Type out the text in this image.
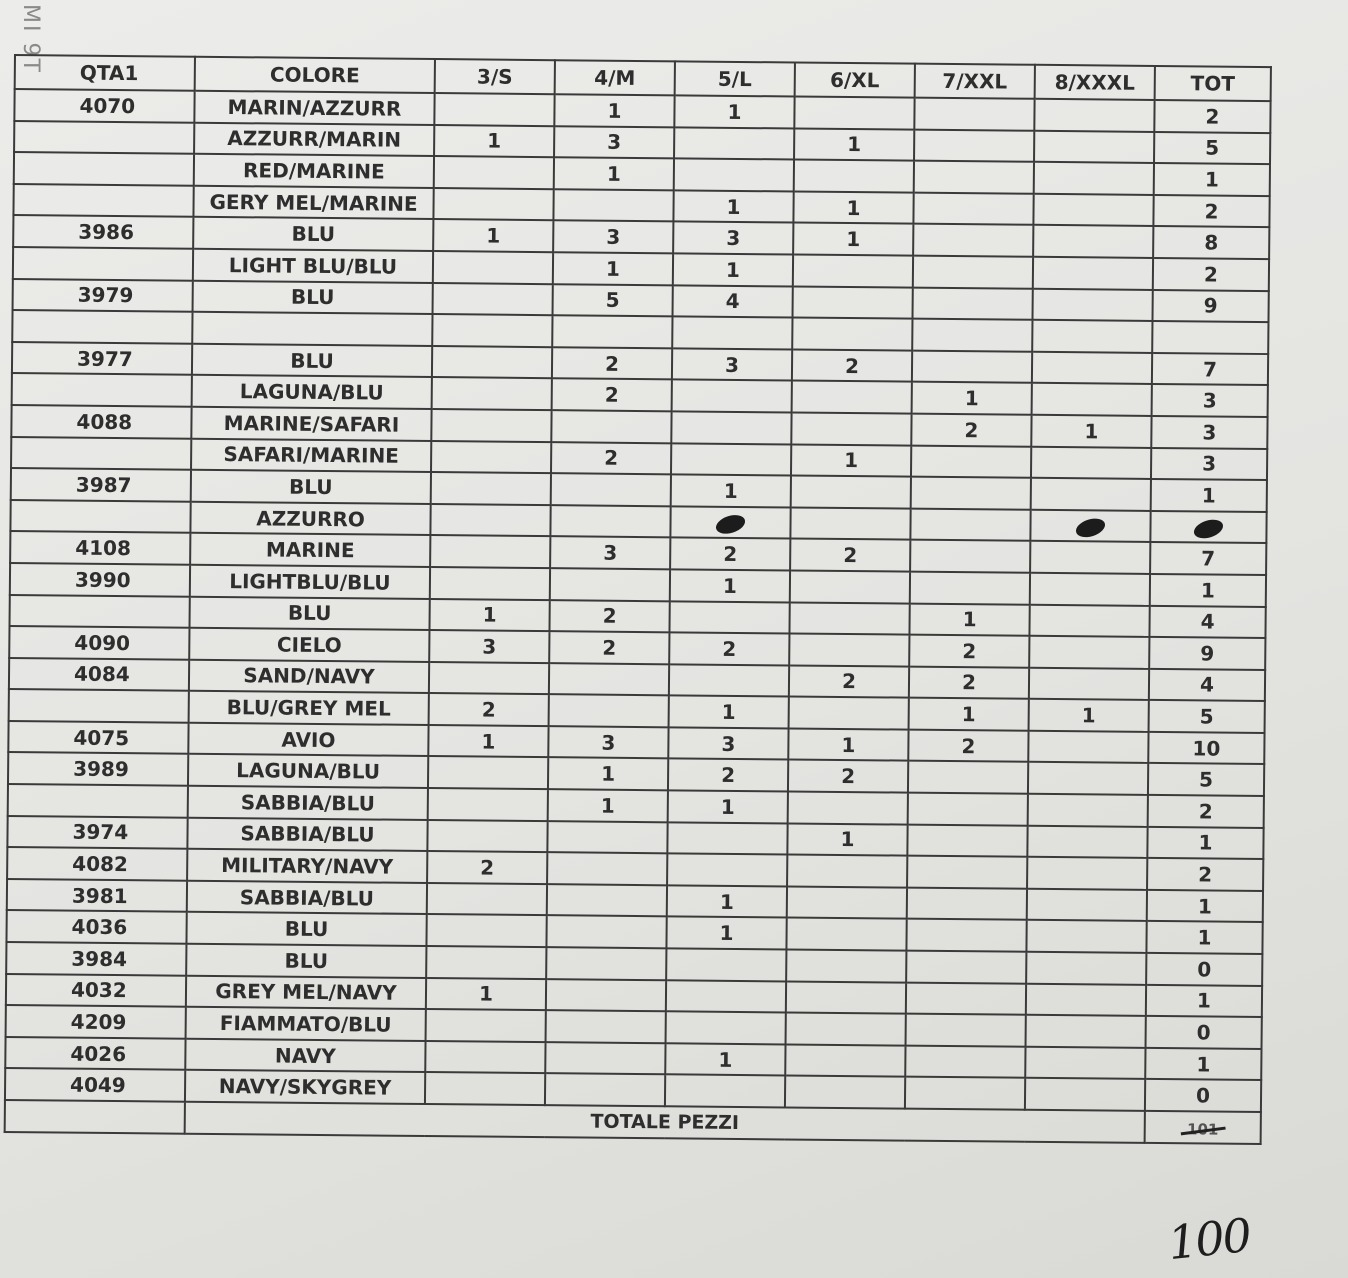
MI 9T QTA1	COLORE	3/S	4/M	5/L	6/XL	7/XXL	8/XXXL	TOT
4070	MARIN/AZZURR		1	1				2
	AZZURR/MARIN	1	3		1			5
	RED/MARINE		1					1
	GERY MEL/MARINE			1	1			2
3986	BLU	1	3	3	1			8
	LIGHT BLU/BLU		1	1				2
3979	BLU		5	4				9

3977	BLU		2	3	2			7
	LAGUNA/BLU		2			1		3
4088	MARINE/SAFARI					2	1	3
	SAFARI/MARINE		2		1			3
3987	BLU			1				1
	AZZURRO							
4108	MARINE		3	2	2			7
3990	LIGHTBLU/BLU			1				1
	BLU	1	2			1		4
4090	CIELO	3	2	2		2		9
4084	SAND/NAVY				2	2		4
	BLU/GREY MEL	2		1		1	1	5
4075	AVIO	1	3	3	1	2		10
3989	LAGUNA/BLU		1	2	2			5
	SABBIA/BLU		1	1				2
3974	SABBIA/BLU				1			1
4082	MILITARY/NAVY	2						2
3981	SABBIA/BLU			1				1
4036	BLU			1				1
3984	BLU							0
4032	GREY MEL/NAVY	1						1
4209	FIAMMATO/BLU							0
4026	NAVY			1				1
4049	NAVY/SKYGREY							0
	TOTALE PEZZI							101
100
